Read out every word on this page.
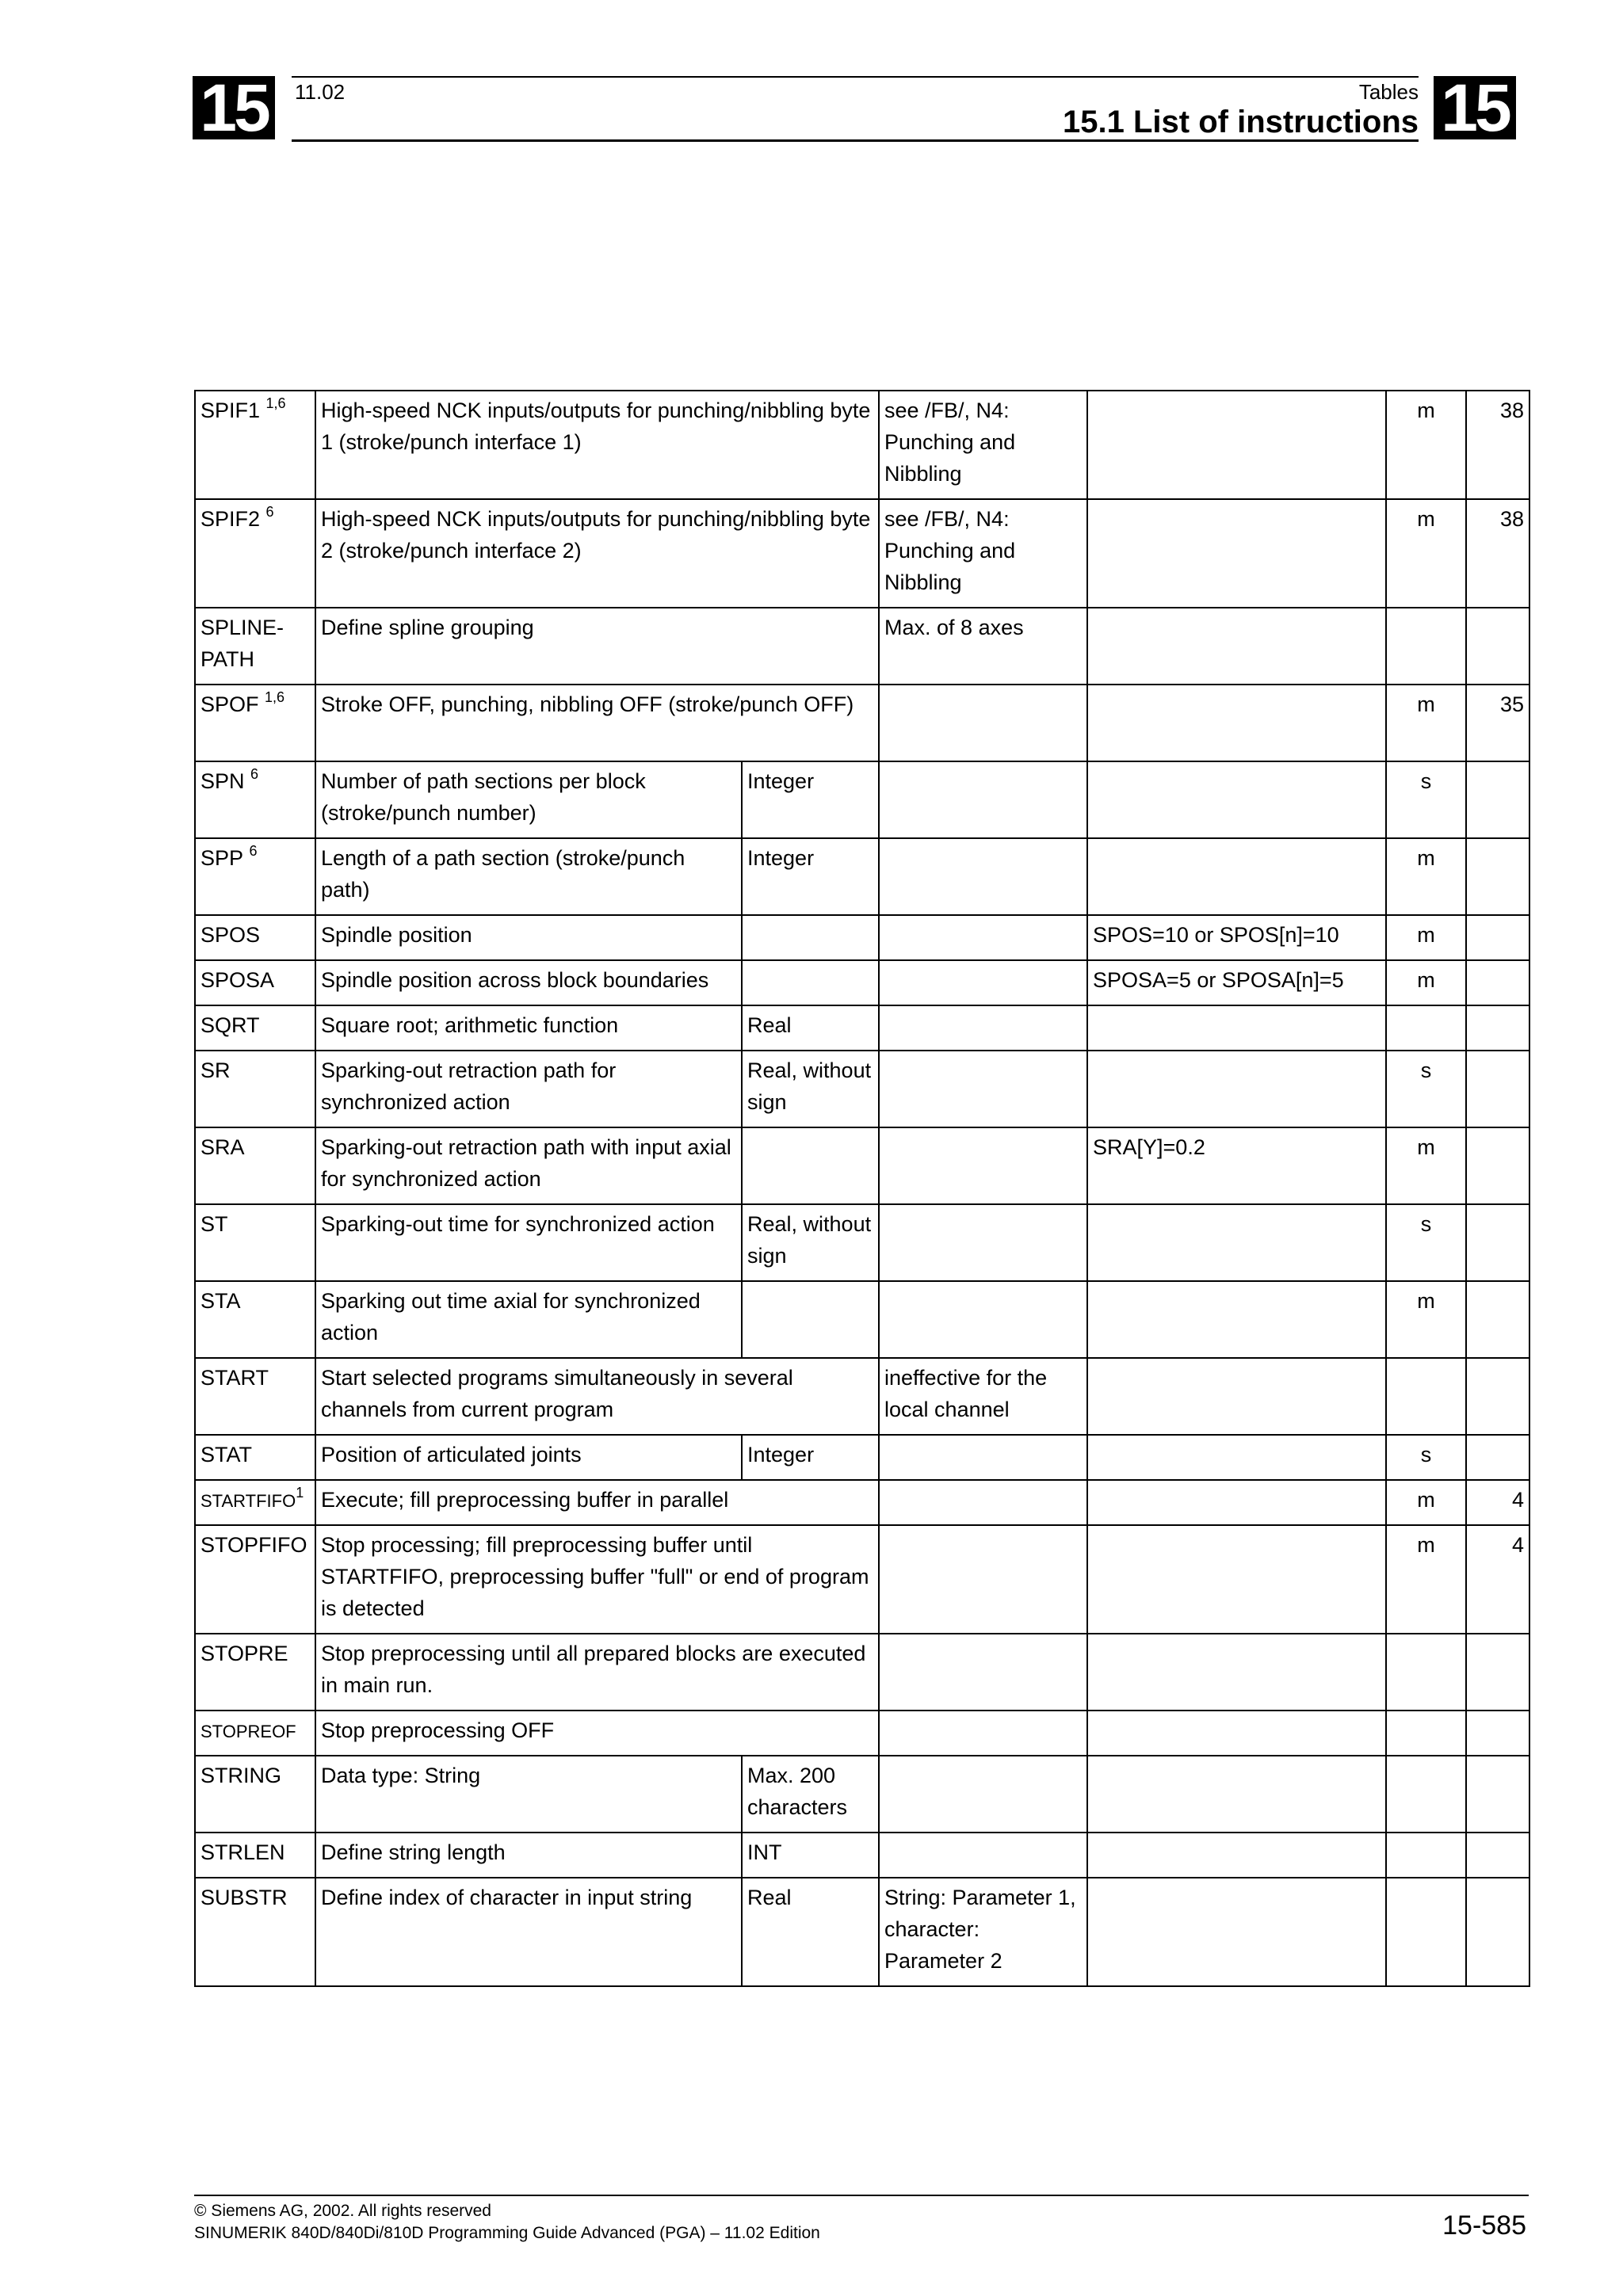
15	15
11.02	Tables
15.1 List of instructions
SPIF1 $^{1,6}$	High-speed NCK inputs/outputs for punching/nibbling byte 1 (stroke/punch interface 1)		see /FB/, N4: Punching and Nibbling		m	38
SPIF2 $^6$	High-speed NCK inputs/outputs for punching/nibbling byte 2 (stroke/punch interface 2)		see /FB/, N4: Punching and Nibbling		m	38
SPLINE-PATH	Define spline grouping		Max. of 8 axes			
SPOF $^{1,6}$	Stroke OFF, punching, nibbling OFF (stroke/punch OFF)				m	35
SPN $^6$	Number of path sections per block (stroke/punch number)	Integer			s	
SPP $^6$	Length of a path section (stroke/punch path)	Integer			m	
SPOS	Spindle position			SPOS=10 or SPOS[n]=10	m	
SPOSA	Spindle position across block boundaries			SPOSA=5 or SPOSA[n]=5	m	
SQRT	Square root; arithmetic function	Real				
SR	Sparking-out retraction path for synchronized action	Real, without sign			s	
SRA	Sparking-out retraction path with input axial for synchronized action			SRA[Y]=0.2	m	
ST	Sparking-out time for synchronized action	Real, without sign			s	
STA	Sparking out time axial for synchronized action				m	
START	Start selected programs simultaneously in several channels from current program		ineffective for the local channel			
STAT	Position of articulated joints	Integer			s	
STARTFIFO$^1$	Execute; fill preprocessing buffer in parallel				m	4
STOPFIFO	Stop processing; fill preprocessing buffer until STARTFIFO, preprocessing buffer "full" or end of program is detected				m	4
STOPRE	Stop preprocessing until all prepared blocks are executed in main run.					
STOPREOF	Stop preprocessing OFF					
STRING	Data type: String	Max. 200 characters				
STRLEN	Define string length	INT				
SUBSTR	Define index of character in input string	Real	String: Parameter 1, character: Parameter 2			
© Siemens AG, 2002. All rights reserved
SINUMERIK 840D/840Di/810D Programming Guide Advanced (PGA) – 11.02 Edition	15-585
